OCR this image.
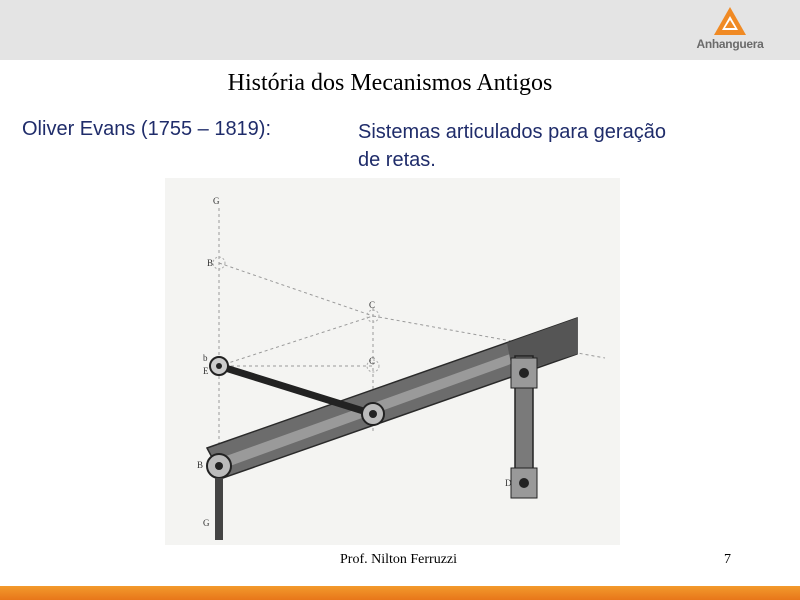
Anhanguera
História dos Mecanismos Antigos
Oliver Evans (1755 – 1819):	Sistemas articulados para geração de retas.
G
B
C
C
b
E
B
G
D
Prof. Nilton Ferruzzi	7
